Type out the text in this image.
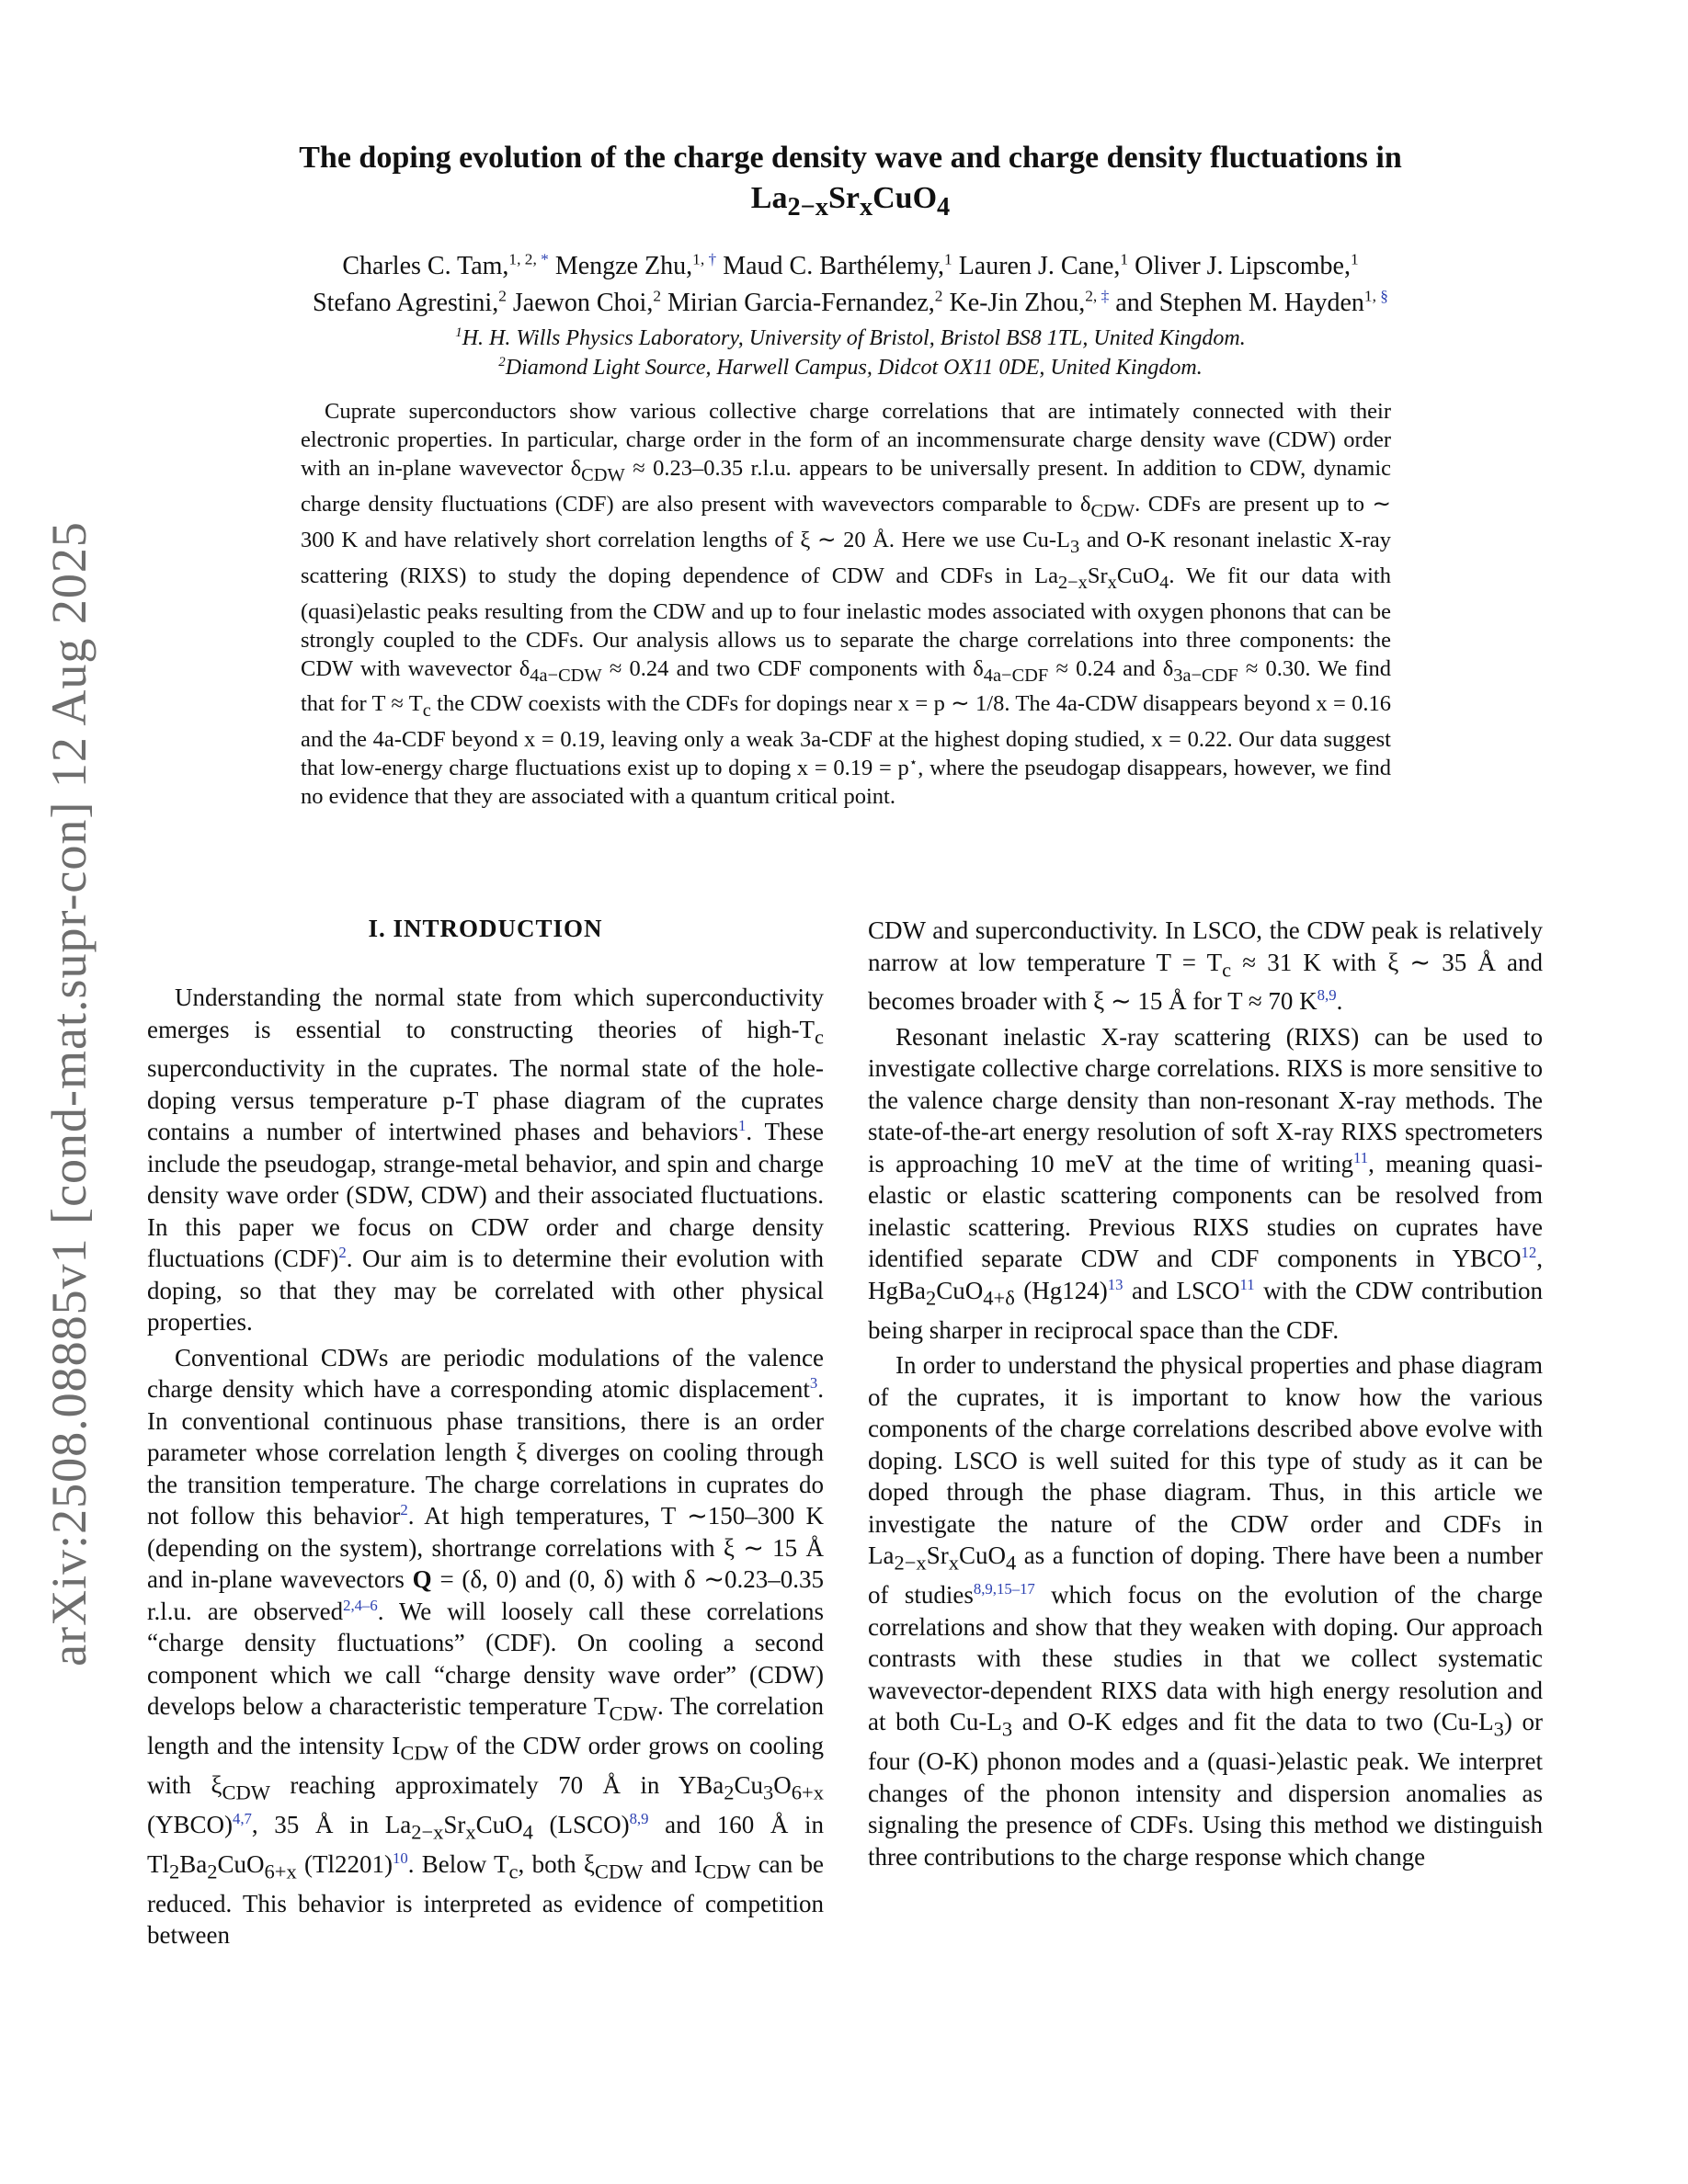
arXiv:2508.08885v1 [cond-mat.supr-con] 12 Aug 2025
The doping evolution of the charge density wave and charge density fluctuations in
$La_{2-x}Sr_xCuO_4$
Charles C. Tam,$^{1, 2,}$ * Mengze Zhu,$^{1,}$ † Maud C. Barthélemy,$^1$ Lauren J. Cane,$^1$ Oliver J. Lipscombe,$^1$
Stefano Agrestini,$^2$ Jaewon Choi,$^2$ Mirian Garcia-Fernandez,$^2$ Ke-Jin Zhou,$^{2,}$ ‡ and Stephen M. Hayden$^{1,}$ §
$^1$H. H. Wills Physics Laboratory, University of Bristol, Bristol BS8 1TL, United Kingdom.
$^2$Diamond Light Source, Harwell Campus, Didcot OX11 0DE, United Kingdom.
Cuprate superconductors show various collective charge correlations that are intimately connected with their electronic properties. In particular, charge order in the form of an incommensurate charge density wave (CDW) order with an in-plane wavevector $\delta_{CDW} \approx 0.23-0.35$ r.l.u. appears to be universally present. In addition to CDW, dynamic charge density fluctuations (CDF) are also present with wavevectors comparable to $\delta_{CDW}$. CDFs are present up to ∼ 300 K and have relatively short correlation lengths of ξ ∼ 20 Å. Here we use $Cu-L_3$ and O-K resonant inelastic X-ray scattering (RIXS) to study the doping dependence of CDW and CDFs in $La_{2-x}Sr_xCuO_4$. We fit our data with (quasi)elastic peaks resulting from the CDW and up to four inelastic modes associated with oxygen phonons that can be strongly coupled to the CDFs. Our analysis allows us to separate the charge correlations into three components: the CDW with wavevector $\delta_{4a-CDW} \approx 0.24$ and two CDF components with $\delta_{4a-CDF} \approx 0.24$ and $\delta_{3a-CDF} \approx 0.30$. We find that for $T \approx T_c$ the CDW coexists with the CDFs for dopings near x = p ∼ 1/8. The 4a-CDW disappears beyond x = 0.16 and the 4a-CDF beyond x = 0.19, leaving only a weak 3a-CDF at the highest doping studied, x = 0.22. Our data suggest that low-energy charge fluctuations exist up to doping x = 0.19 = p⋆, where the pseudogap disappears, however, we find no evidence that they are associated with a quantum critical point.
I. INTRODUCTION

Understanding the normal state from which superconductivity emerges is essential to constructing theories of high-$T_c$ superconductivity in the cuprates. The normal state of the hole-doping versus temperature p-T phase diagram of the cuprates contains a number of intertwined phases and behaviors$^1$. These include the pseudogap, strange-metal behavior, and spin and charge density wave order (SDW, CDW) and their associated fluctuations. In this paper we focus on CDW order and charge density fluctuations (CDF)$^2$. Our aim is to determine their evolution with doping, so that they may be correlated with other physical properties.

Conventional CDWs are periodic modulations of the valence charge density which have a corresponding atomic displacement$^3$. In conventional continuous phase transitions, there is an order parameter whose correlation length ξ diverges on cooling through the transition temperature. The charge correlations in cuprates do not follow this behavior$^2$. At high temperatures, T ∼150–300 K (depending on the system), shortrange correlations with ξ ∼ 15 Å and in-plane wavevectors Q = (δ, 0) and (0, δ) with δ ∼0.23–0.35 r.l.u. are observed$^{2,4-6}$. We will loosely call these correlations “charge density fluctuations” (CDF). On cooling a second component which we call “charge density wave order” (CDW) develops below a characteristic temperature $T_{CDW}$. The correlation length and the intensity $I_{CDW}$ of the CDW order grows on cooling with $\xi_{CDW}$ reaching approximately 70 Å in $YBa_2Cu_3O_{6+x}$ (YBCO)$^{4,7}$, 35 Å in $La_{2-x}Sr_xCuO_4$ (LSCO)$^{8,9}$ and 160 Å in $Tl_2Ba_2CuO_{6+x}$ (Tl2201)$^{10}$. Below $T_c$, both $\xi_{CDW}$ and $I_{CDW}$ can be reduced. This behavior is interpreted as evidence of competition between

CDW and superconductivity. In LSCO, the CDW peak is relatively narrow at low temperature $T = T_c \approx 31$ K with ξ ∼ 35 Å and becomes broader with ξ ∼ 15 Å for T ≈ 70 K$^{8,9}$.

Resonant inelastic X-ray scattering (RIXS) can be used to investigate collective charge correlations. RIXS is more sensitive to the valence charge density than non-resonant X-ray methods. The state-of-the-art energy resolution of soft X-ray RIXS spectrometers is approaching 10 meV at the time of writing$^{11}$, meaning quasi-elastic or elastic scattering components can be resolved from inelastic scattering. Previous RIXS studies on cuprates have identified separate CDW and CDF components in YBCO$^{12}$, HgBa$_2$CuO$_{4+\delta}$ (Hg124)$^{13}$ and LSCO$^{11}$ with the CDW contribution being sharper in reciprocal space than the CDF.

In order to understand the physical properties and phase diagram of the cuprates, it is important to know how the various components of the charge correlations described above evolve with doping. LSCO is well suited for this type of study as it can be doped through the phase diagram. Thus, in this article we investigate the nature of the CDW order and CDFs in $La_{2-x}Sr_xCuO_4$ as a function of doping. There have been a number of studies$^{8,9,15-17}$ which focus on the evolution of the charge correlations and show that they weaken with doping. Our approach contrasts with these studies in that we collect systematic wavevector-dependent RIXS data with high energy resolution and at both $Cu-L_3$ and O-K edges and fit the data to two $(Cu-L_3)$ or four (O-K) phonon modes and a (quasi-)elastic peak. We interpret changes of the phonon intensity and dispersion anomalies as signaling the presence of CDFs. Using this method we distinguish three contributions to the charge response which change
